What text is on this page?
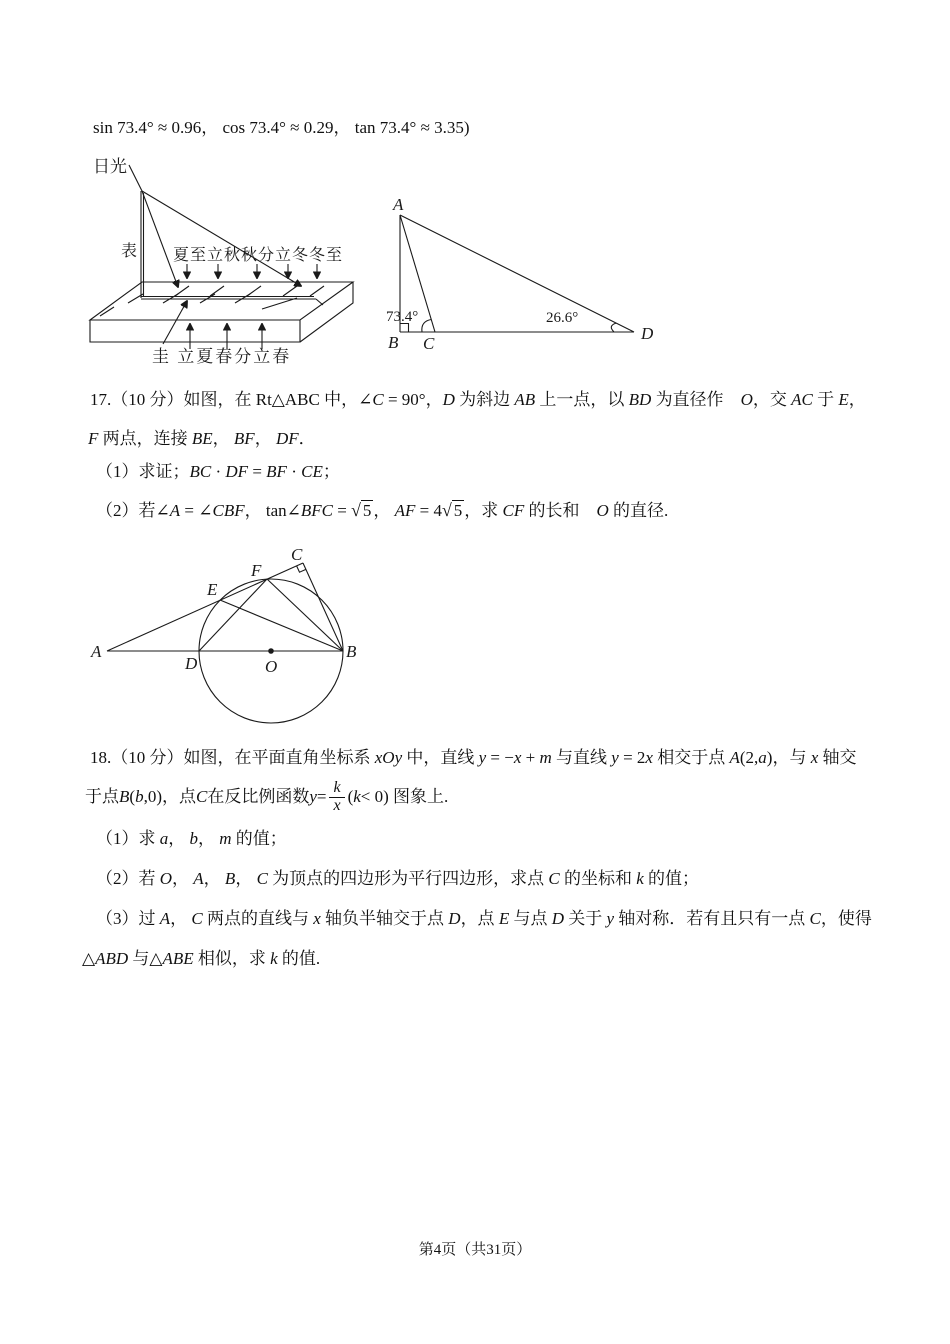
sin 73.4° ≈ 0.96， cos 73.4° ≈ 0.29， tan 73.4° ≈ 3.35)
日光
表 夏至立秋秋分立冬冬至
圭 立夏春分立春
A
B C
D
73.4°	26.6°
17.（10 分）如图，在 Rt△ABC 中，∠C = 90°，D 为斜边 AB 上一点，以 BD 为直径作　O，交 AC 于 E，
F 两点，连接 BE， BF， DF．
（1）求证；BC · DF = BF · CE；
（2）若∠A = ∠CBF， tan∠BFC = √ 5 ， AF = 4√ 5 ，求 CF 的长和　O 的直径.
A
D	O
B
E
F
C
18.（10 分）如图，在平面直角坐标系 xOy 中，直线 y = −x + m 与直线 y = 2x 相交于点 A(2,a)，与 x 轴交
于点 B ( b ,0)，点 C 在反比例函数 $y = \frac{k}{x}$ ( k < 0) 图象上.
（1）求 a， b， m 的值；
（2）若 O， A， B， C 为顶点的四边形为平行四边形，求点 C 的坐标和 k 的值；
（3）过 A， C 两点的直线与 x 轴负半轴交于点 D，点 E 与点 D 关于 y 轴对称．若有且只有一点 C，使得
△ABD 与△ABE 相似，求 k 的值.
第4页（共31页）
